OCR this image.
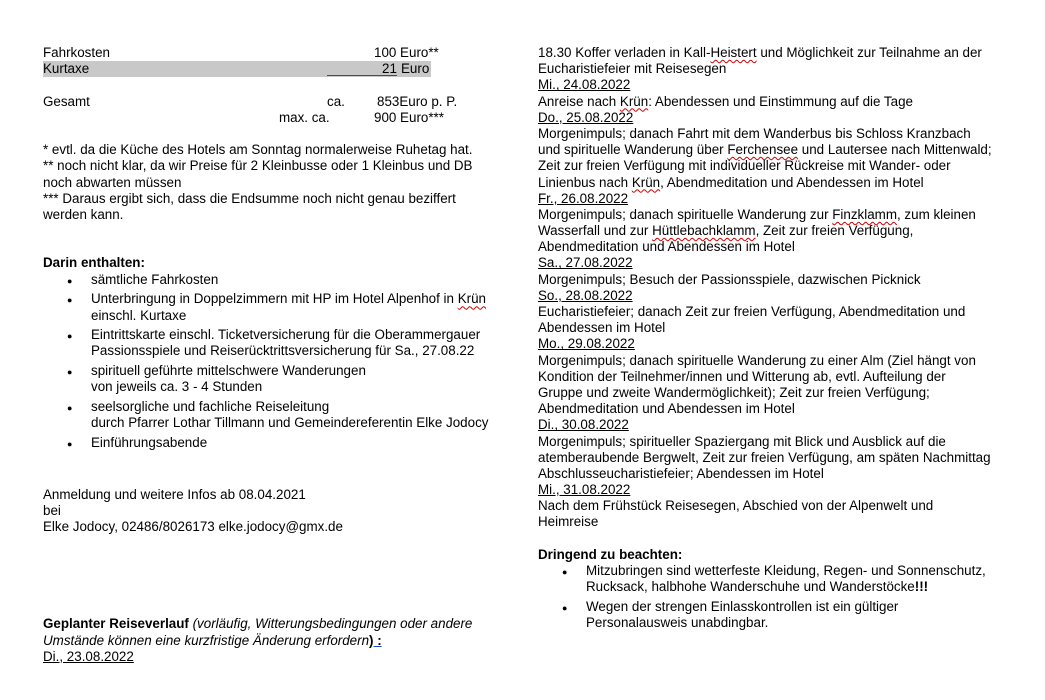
Fahrkosten	100 Euro**
Kurtaxe	21 Euro
Gesamt	ca. 853Euro p. P.
max. ca.	900 Euro***
* evtl. da die Küche des Hotels am Sonntag normalerweise Ruhetag hat.
** noch nicht klar, da wir Preise für 2 Kleinbusse oder 1 Kleinbus und DB
noch abwarten müssen
*** Daraus ergibt sich, dass die Endsumme noch nicht genau beziffert
werden kann.
Darin enthalten:
● sämtliche Fahrkosten
● Unterbringung in Doppelzimmern mit HP im Hotel Alpenhof in Krün
einschl. Kurtaxe
● Eintrittskarte einschl. Ticketversicherung für die Oberammergauer
Passionsspiele und Reiserücktrittsversicherung für Sa., 27.08.22
● spirituell geführte mittelschwere Wanderungen
von jeweils ca. 3 - 4 Stunden
● seelsorgliche und fachliche Reiseleitung
durch Pfarrer Lothar Tillmann und Gemeindereferentin Elke Jodocy
● Einführungsabende
Anmeldung und weitere Infos ab 08.04.2021
bei
Elke Jodocy, 02486/8026173 elke.jodocy@gmx.de
Geplanter Reiseverlauf (vorläufig, Witterungsbedingungen oder andere
Umstände können eine kurzfristige Änderung erfordern) :
Di., 23.08.2022
18.30 Koffer verladen in Kall-Heistert und Möglichkeit zur Teilnahme an der
Eucharistiefeier mit Reisesegen
Mi., 24.08.2022
Anreise nach Krün: Abendessen und Einstimmung auf die Tage
Do., 25.08.2022
Morgenimpuls; danach Fahrt mit dem Wanderbus bis Schloss Kranzbach
und spirituelle Wanderung über Ferchensee und Lautersee nach Mittenwald;
Zeit zur freien Verfügung mit individueller Rückreise mit Wander- oder
Linienbus nach Krün, Abendmeditation und Abendessen im Hotel
Fr., 26.08.2022
Morgenimpuls; danach spirituelle Wanderung zur Finzklamm, zum kleinen
Wasserfall und zur Hüttlebachklamm, Zeit zur freien Verfügung,
Abendmeditation und Abendessen im Hotel
Sa., 27.08.2022
Morgenimpuls; Besuch der Passionsspiele, dazwischen Picknick
So., 28.08.2022
Eucharistiefeier; danach Zeit zur freien Verfügung, Abendmeditation und
Abendessen im Hotel
Mo., 29.08.2022
Morgenimpuls; danach spirituelle Wanderung zu einer Alm (Ziel hängt von
Kondition der Teilnehmer/innen und Witterung ab, evtl. Aufteilung der
Gruppe und zweite Wandermöglichkeit); Zeit zur freien Verfügung;
Abendmeditation und Abendessen im Hotel
Di., 30.08.2022
Morgenimpuls; spiritueller Spaziergang mit Blick und Ausblick auf die
atemberaubende Bergwelt, Zeit zur freien Verfügung, am späten Nachmittag
Abschlusseucharistiefeier; Abendessen im Hotel
Mi., 31.08.2022
Nach dem Frühstück Reisesegen, Abschied von der Alpenwelt und
Heimreise
Dringend zu beachten:
● Mitzubringen sind wetterfeste Kleidung, Regen- und Sonnenschutz,
Rucksack, halbhohe Wanderschuhe und Wanderstöcke!!!
● Wegen der strengen Einlasskontrollen ist ein gültiger
Personalausweis unabdingbar.
